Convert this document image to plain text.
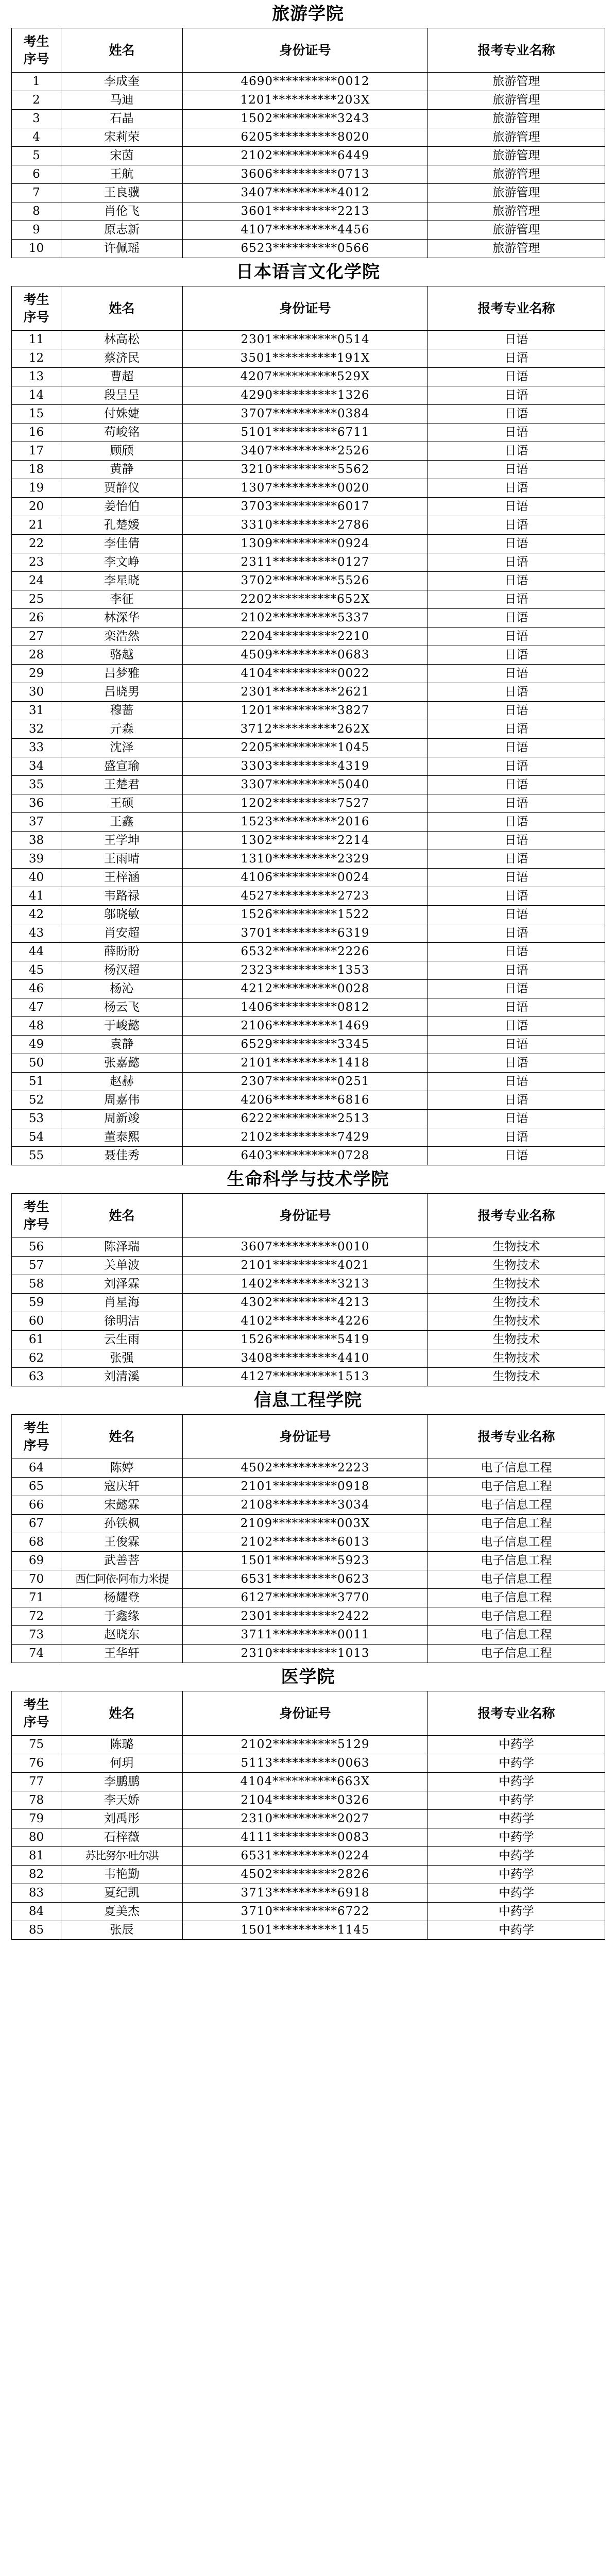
旅游学院
考生
序号	姓名	身份证号	报考专业名称
1	李成奎	4690**********0012	旅游管理
2	马迪	1201**********203X	旅游管理
3	石晶	1502**********3243	旅游管理
4	宋莉荣	6205**********8020	旅游管理
5	宋茵	2102**********6449	旅游管理
6	王航	3606**********0713	旅游管理
7	王良骥	3407**********4012	旅游管理
8	肖伦飞	3601**********2213	旅游管理
9	原志新	4107**********4456	旅游管理
10	许佩瑶	6523**********0566	旅游管理
日本语言文化学院
考生
序号	姓名	身份证号	报考专业名称
11	林高松	2301**********0514	日语
12	蔡济民	3501**********191X	日语
13	曹超	4207**********529X	日语
14	段呈呈	4290**********1326	日语
15	付姝婕	3707**********0384	日语
16	苟峻铭	5101**********6711	日语
17	顾颀	3407**********2526	日语
18	黄静	3210**********5562	日语
19	贾静仪	1307**********0020	日语
20	姜怡伯	3703**********6017	日语
21	孔楚媛	3310**********2786	日语
22	李佳倩	1309**********0924	日语
23	李文峥	2311**********0127	日语
24	李星晓	3702**********5526	日语
25	李征	2202**********652X	日语
26	林深华	2102**********5337	日语
27	栾浩然	2204**********2210	日语
28	骆越	4509**********0683	日语
29	吕梦雅	4104**********0022	日语
30	吕晓男	2301**********2621	日语
31	穆蔷	1201**********3827	日语
32	亓森	3712**********262X	日语
33	沈泽	2205**********1045	日语
34	盛宣瑜	3303**********4319	日语
35	王楚君	3307**********5040	日语
36	王硕	1202**********7527	日语
37	王鑫	1523**********2016	日语
38	王学坤	1302**********2214	日语
39	王雨晴	1310**********2329	日语
40	王梓涵	4106**********0024	日语
41	韦路禄	4527**********2723	日语
42	邬晓敏	1526**********1522	日语
43	肖安超	3701**********6319	日语
44	薛盼盼	6532**********2226	日语
45	杨汉超	2323**********1353	日语
46	杨沁	4212**********0028	日语
47	杨云飞	1406**********0812	日语
48	于峻懿	2106**********1469	日语
49	袁静	6529**********3345	日语
50	张嘉懿	2101**********1418	日语
51	赵赫	2307**********0251	日语
52	周嘉伟	4206**********6816	日语
53	周新竣	6222**********2513	日语
54	董泰熙	2102**********7429	日语
55	聂佳秀	6403**********0728	日语
生命科学与技术学院
考生
序号	姓名	身份证号	报考专业名称
56	陈泽瑞	3607**********0010	生物技术
57	关单波	2101**********4021	生物技术
58	刘泽霖	1402**********3213	生物技术
59	肖星海	4302**********4213	生物技术
60	徐明洁	4102**********4226	生物技术
61	云生雨	1526**********5419	生物技术
62	张强	3408**********4410	生物技术
63	刘清溪	4127**********1513	生物技术
信息工程学院
考生
序号	姓名	身份证号	报考专业名称
64	陈婷	4502**********2223	电子信息工程
65	寇庆轩	2101**********0918	电子信息工程
66	宋懿霖	2108**********3034	电子信息工程
67	孙铁枫	2109**********003X	电子信息工程
68	王俊霖	2102**********6013	电子信息工程
69	武善菩	1501**********5923	电子信息工程
70	西仁阿依·阿布力米提	6531**********0623	电子信息工程
71	杨耀登	6127**********3770	电子信息工程
72	于鑫缘	2301**********2422	电子信息工程
73	赵晓东	3711**********0011	电子信息工程
74	王华轩	2310**********1013	电子信息工程
医学院
考生
序号	姓名	身份证号	报考专业名称
75	陈璐	2102**********5129	中药学
76	何玥	5113**********0063	中药学
77	李鹏鹏	4104**********663X	中药学
78	李天娇	2104**********0326	中药学
79	刘禹彤	2310**********2027	中药学
80	石梓薇	4111**********0083	中药学
81	苏比努尔·吐尔洪	6531**********0224	中药学
82	韦艳勤	4502**********2826	中药学
83	夏纪凯	3713**********6918	中药学
84	夏美杰	3710**********6722	中药学
85	张辰	1501**********1145	中药学
